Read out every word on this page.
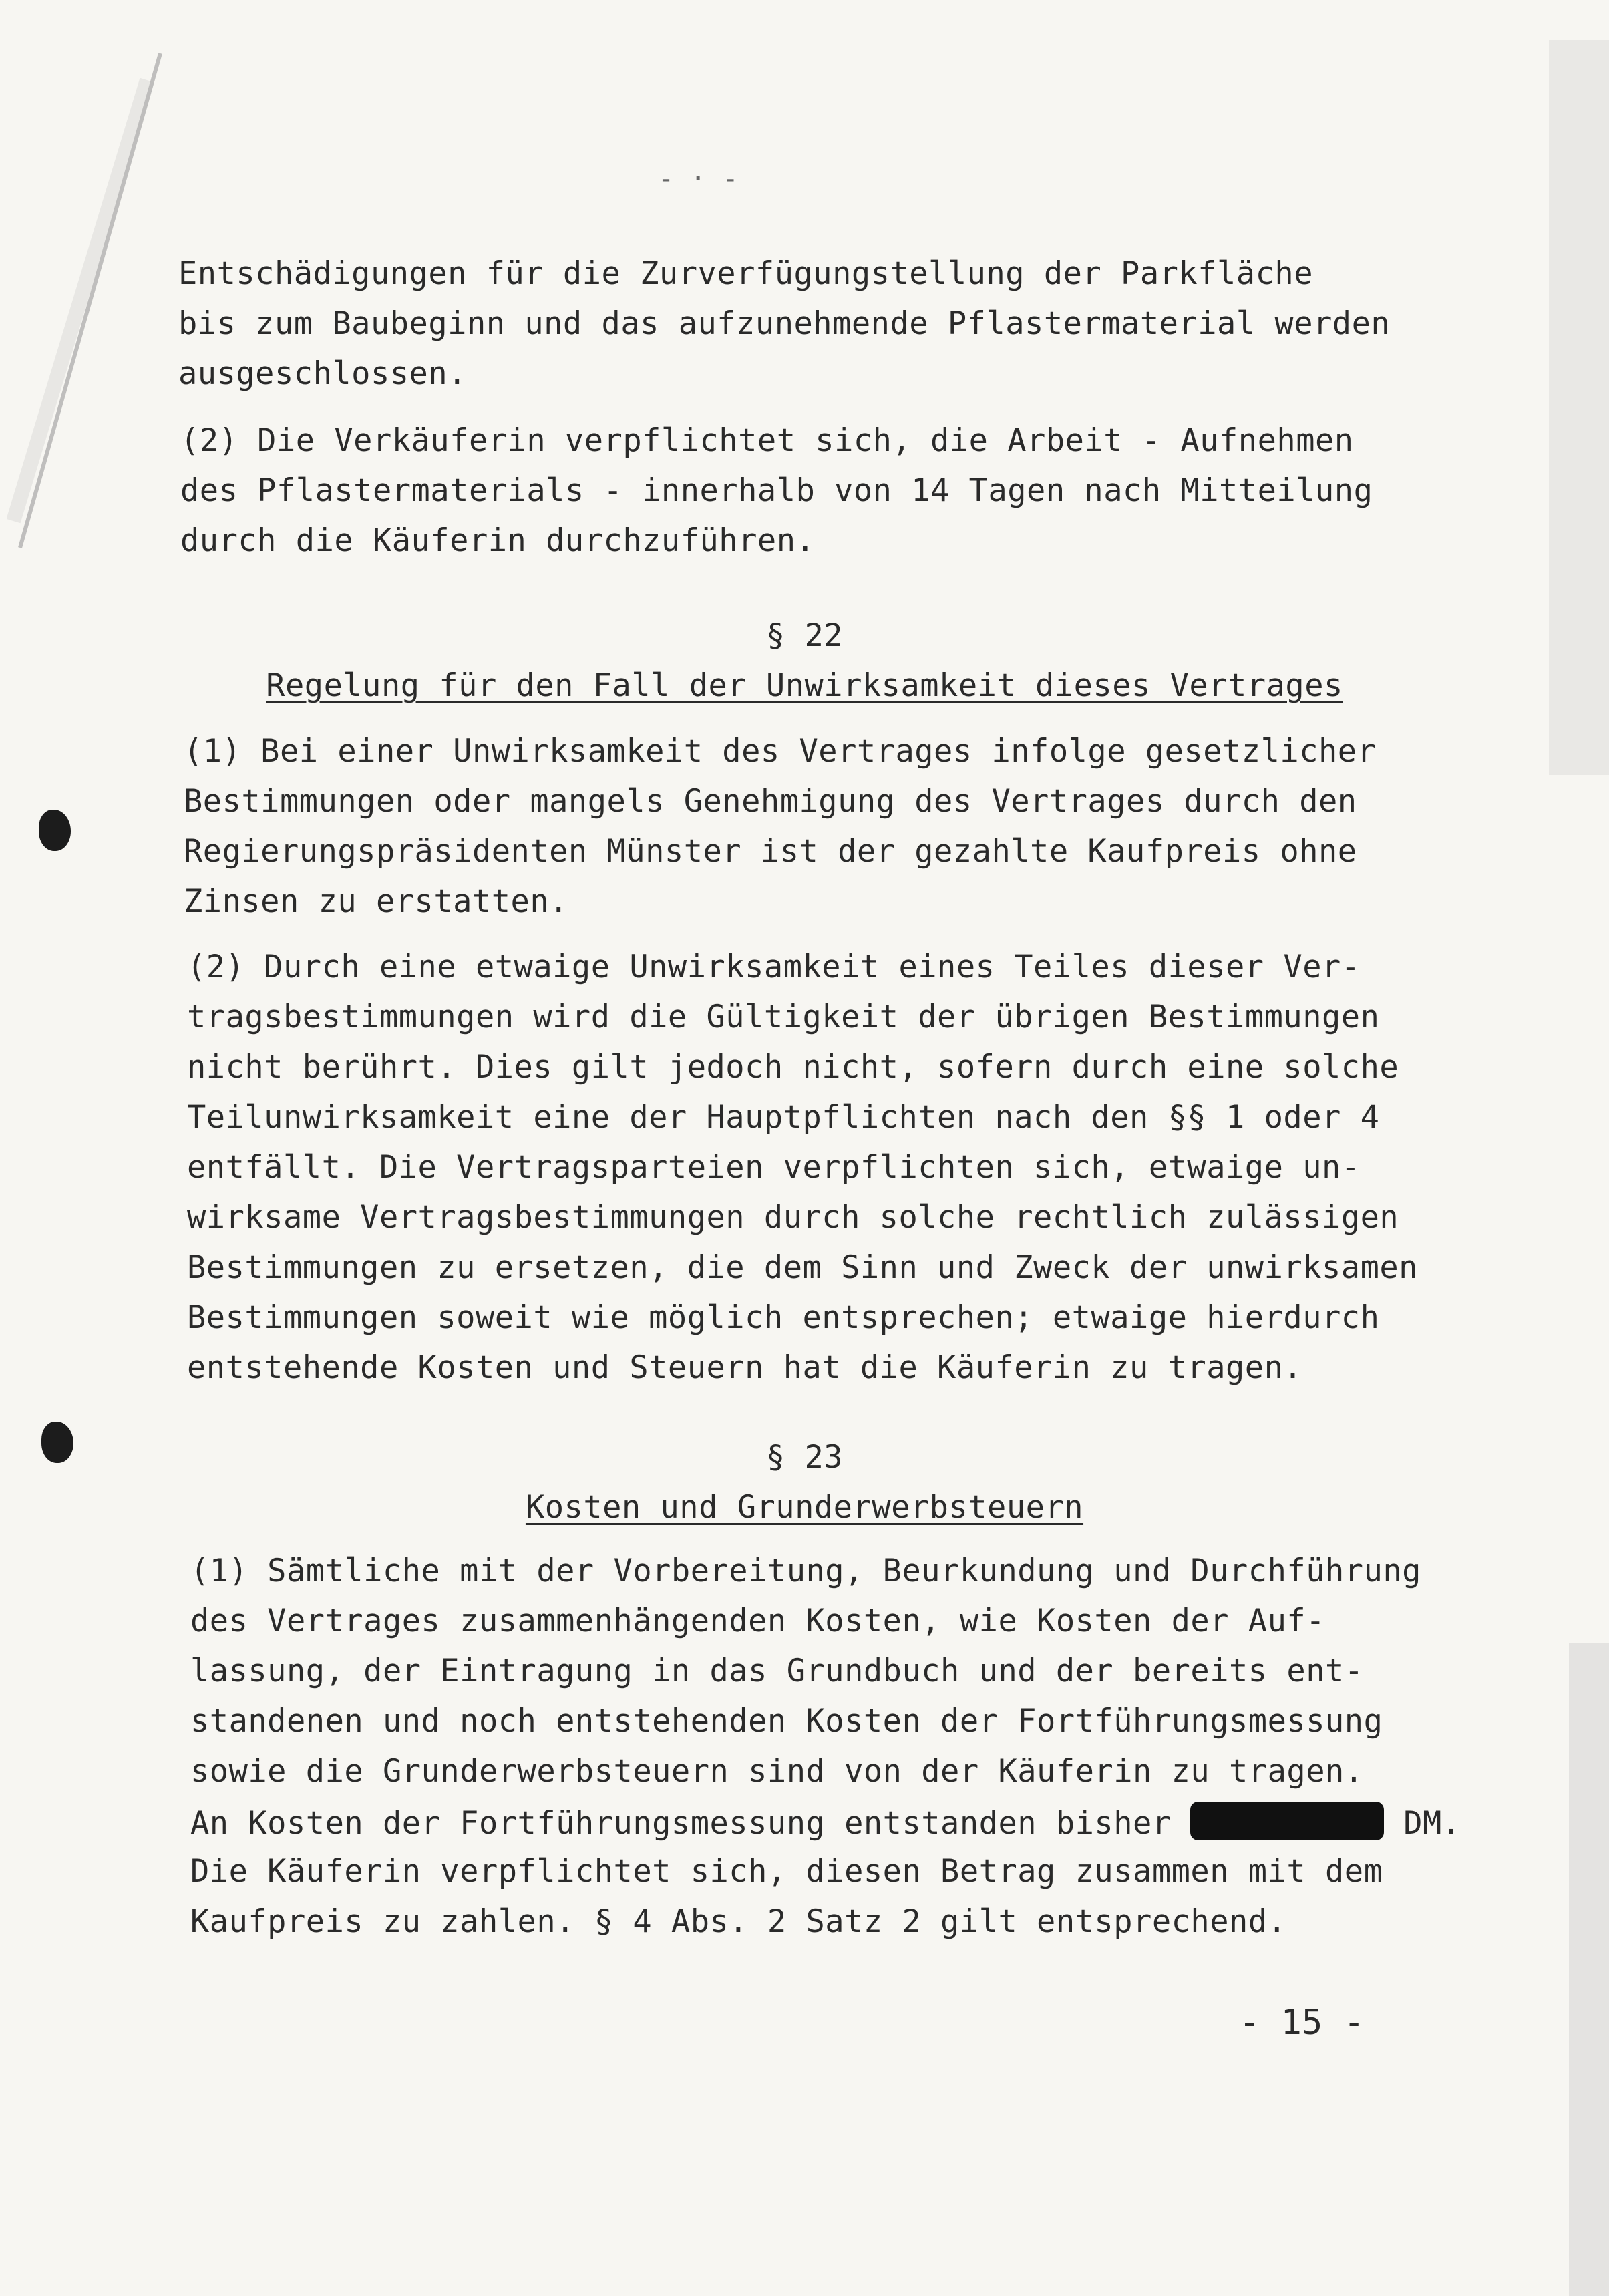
- · -
Entschädigungen für die Zurverfügungstellung der Parkfläche
bis zum Baubeginn und das aufzunehmende Pflastermaterial werden
ausgeschlossen.
(2) Die Verkäuferin verpflichtet sich, die Arbeit - Aufnehmen
des Pflastermaterials - innerhalb von 14 Tagen nach Mitteilung
durch die Käuferin durchzuführen.
§ 22
Regelung für den Fall der Unwirksamkeit dieses Vertrages
(1) Bei einer Unwirksamkeit des Vertrages infolge gesetzlicher
Bestimmungen oder mangels Genehmigung des Vertrages durch den
Regierungspräsidenten Münster ist der gezahlte Kaufpreis ohne
Zinsen zu erstatten.
(2) Durch eine etwaige Unwirksamkeit eines Teiles dieser Ver-
tragsbestimmungen wird die Gültigkeit der übrigen Bestimmungen
nicht berührt. Dies gilt jedoch nicht, sofern durch eine solche
Teilunwirksamkeit eine der Hauptpflichten nach den §§ 1 oder 4
entfällt. Die Vertragsparteien verpflichten sich, etwaige un-
wirksame Vertragsbestimmungen durch solche rechtlich zulässigen
Bestimmungen zu ersetzen, die dem Sinn und Zweck der unwirksamen
Bestimmungen soweit wie möglich entsprechen; etwaige hierdurch
entstehende Kosten und Steuern hat die Käuferin zu tragen.
§ 23
Kosten und Grunderwerbsteuern
(1) Sämtliche mit der Vorbereitung, Beurkundung und Durchführung
des Vertrages zusammenhängenden Kosten, wie Kosten der Auf-
lassung, der Eintragung in das Grundbuch und der bereits ent-
standenen und noch entstehenden Kosten der Fortführungsmessung
sowie die Grunderwerbsteuern sind von der Käuferin zu tragen.
An Kosten der Fortführungsmessung entstanden bisher	DM.
Die Käuferin verpflichtet sich, diesen Betrag zusammen mit dem
Kaufpreis zu zahlen. § 4 Abs. 2 Satz 2 gilt entsprechend.
- 15 -
